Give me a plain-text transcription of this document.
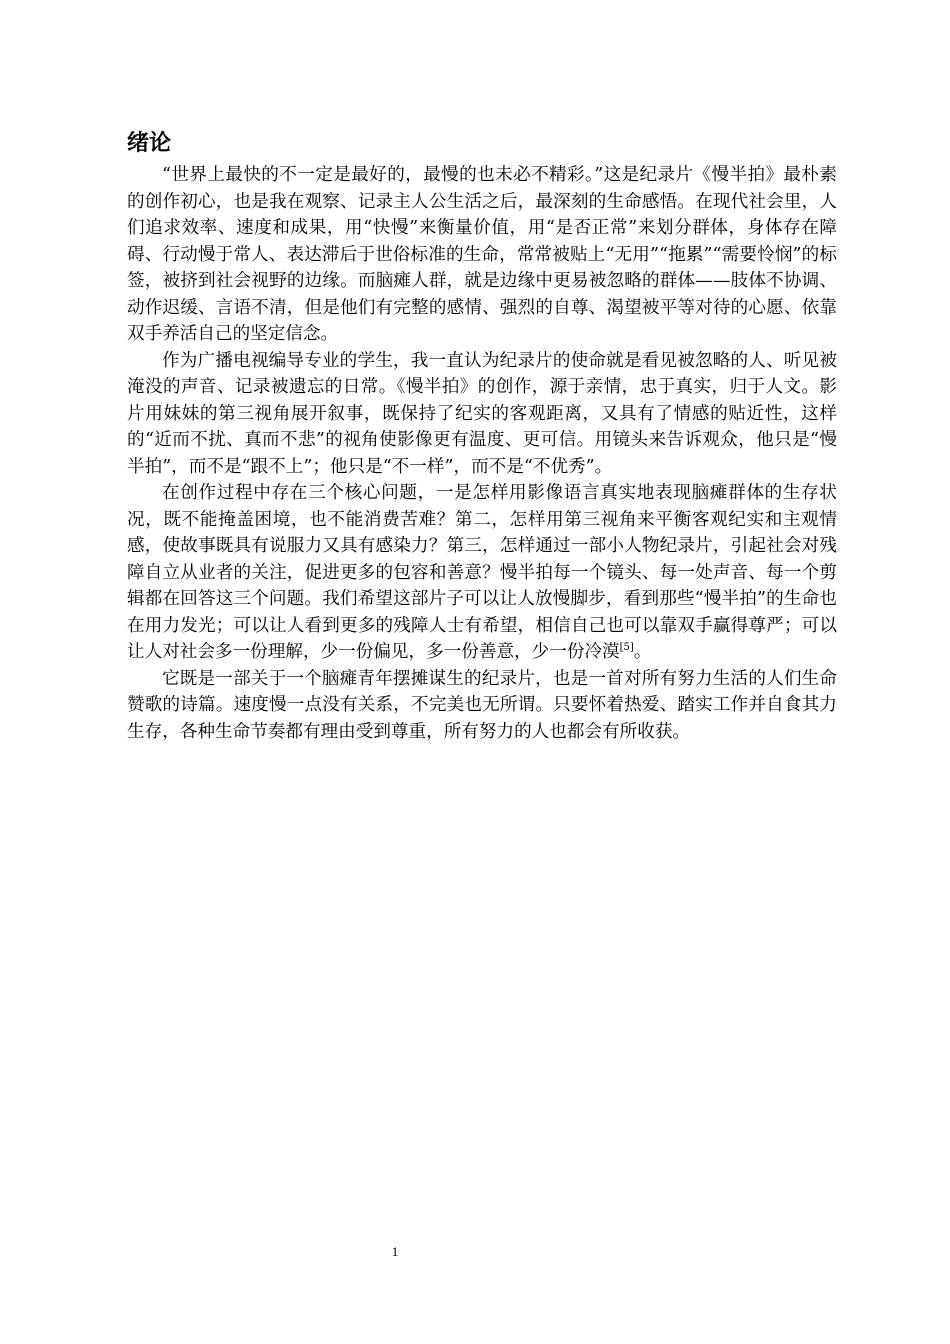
绪论

“世界上最快的不一定是最好的，最慢的也未必不精彩。”这是纪录片《慢半拍》最朴素的创作初心，也是我在观察、记录主人公生活之后，最深刻的生命感悟。在现代社会里，人们追求效率、速度和成果，用“快慢”来衡量价值，用“是否正常”来划分群体，身体存在障碍、行动慢于常人、表达滞后于世俗标准的生命，常常被贴上“无用”“拖累”“需要怜悯”的标签，被挤到社会视野的边缘。而脑瘫人群，就是边缘中更易被忽略的群体——肢体不协调、动作迟缓、言语不清，但是他们有完整的感情、强烈的自尊、渴望被平等对待的心愿、依靠双手养活自己的坚定信念。

作为广播电视编导专业的学生，我一直认为纪录片的使命就是看见被忽略的人、听见被淹没的声音、记录被遗忘的日常。《慢半拍》的创作，源于亲情，忠于真实，归于人文。影片用妹妹的第三视角展开叙事，既保持了纪实的客观距离，又具有了情感的贴近性，这样的“近而不扰、真而不悲”的视角使影像更有温度、更可信。用镜头来告诉观众，他只是“慢半拍”，而不是“跟不上”；他只是“不一样”，而不是“不优秀”。

在创作过程中存在三个核心问题，一是怎样用影像语言真实地表现脑瘫群体的生存状况，既不能掩盖困境，也不能消费苦难？第二，怎样用第三视角来平衡客观纪实和主观情感，使故事既具有说服力又具有感染力？第三，怎样通过一部小人物纪录片，引起社会对残障自立从业者的关注，促进更多的包容和善意？慢半拍每一个镜头、每一处声音、每一个剪辑都在回答这三个问题。我们希望这部片子可以让人放慢脚步，看到那些“慢半拍”的生命也在用力发光；可以让人看到更多的残障人士有希望，相信自己也可以靠双手赢得尊严；可以让人对社会多一份理解，少一份偏见，多一份善意，少一份冷漠[5]。

它既是一部关于一个脑瘫青年摆摊谋生的纪录片，也是一首对所有努力生活的人们生命赞歌的诗篇。速度慢一点没有关系，不完美也无所谓。只要怀着热爱、踏实工作并自食其力生存，各种生命节奏都有理由受到尊重，所有努力的人也都会有所收获。

1
